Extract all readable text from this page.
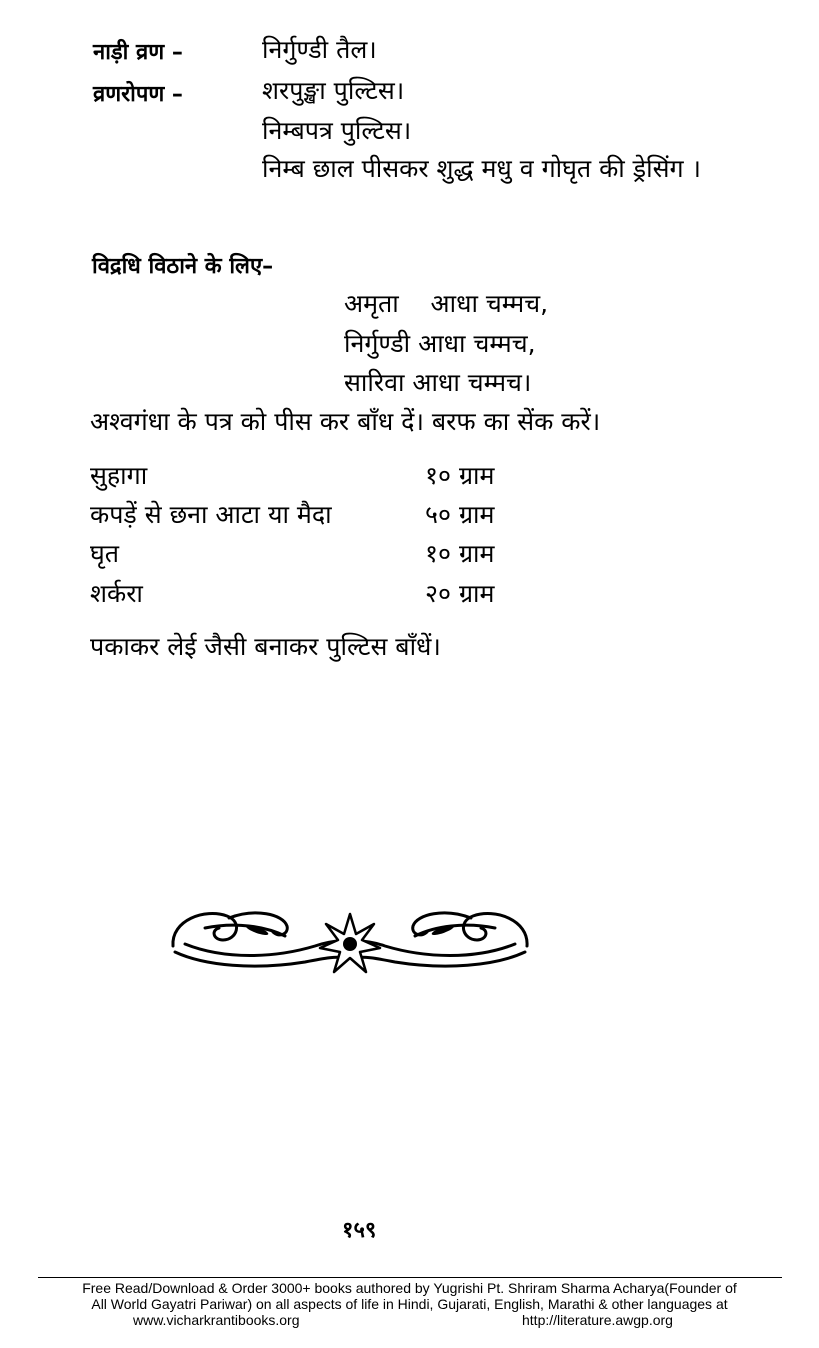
नाड़ी व्रण –	निर्गुण्डी तैल।
व्रणरोपण –	शरपुङ्खा पुल्टिस।
निम्बपत्र पुल्टिस।
निम्ब छाल पीसकर शुद्ध मधु व गोघृत की ड्रेसिंग ।
विद्रधि विठाने के लिए–
अमृता    आधा चम्मच,
निर्गुण्डी आधा चम्मच,
सारिवा आधा चम्मच।
अश्वगंधा के पत्र को पीस कर बाँध दें। बरफ का सेंक करें।
सुहागा	१० ग्राम
कपड़ें से छना आटा या मैदा	५० ग्राम
घृत	१० ग्राम
शर्करा	२० ग्राम
पकाकर लेई जैसी बनाकर पुल्टिस बाँधें।
१५९
Free Read/Download & Order 3000+ books authored by Yugrishi Pt. Shriram Sharma Acharya(Founder of
All World Gayatri Pariwar) on all aspects of life in Hindi, Gujarati, English, Marathi & other languages at
www.vicharkrantibooks.org	http://literature.awgp.org
